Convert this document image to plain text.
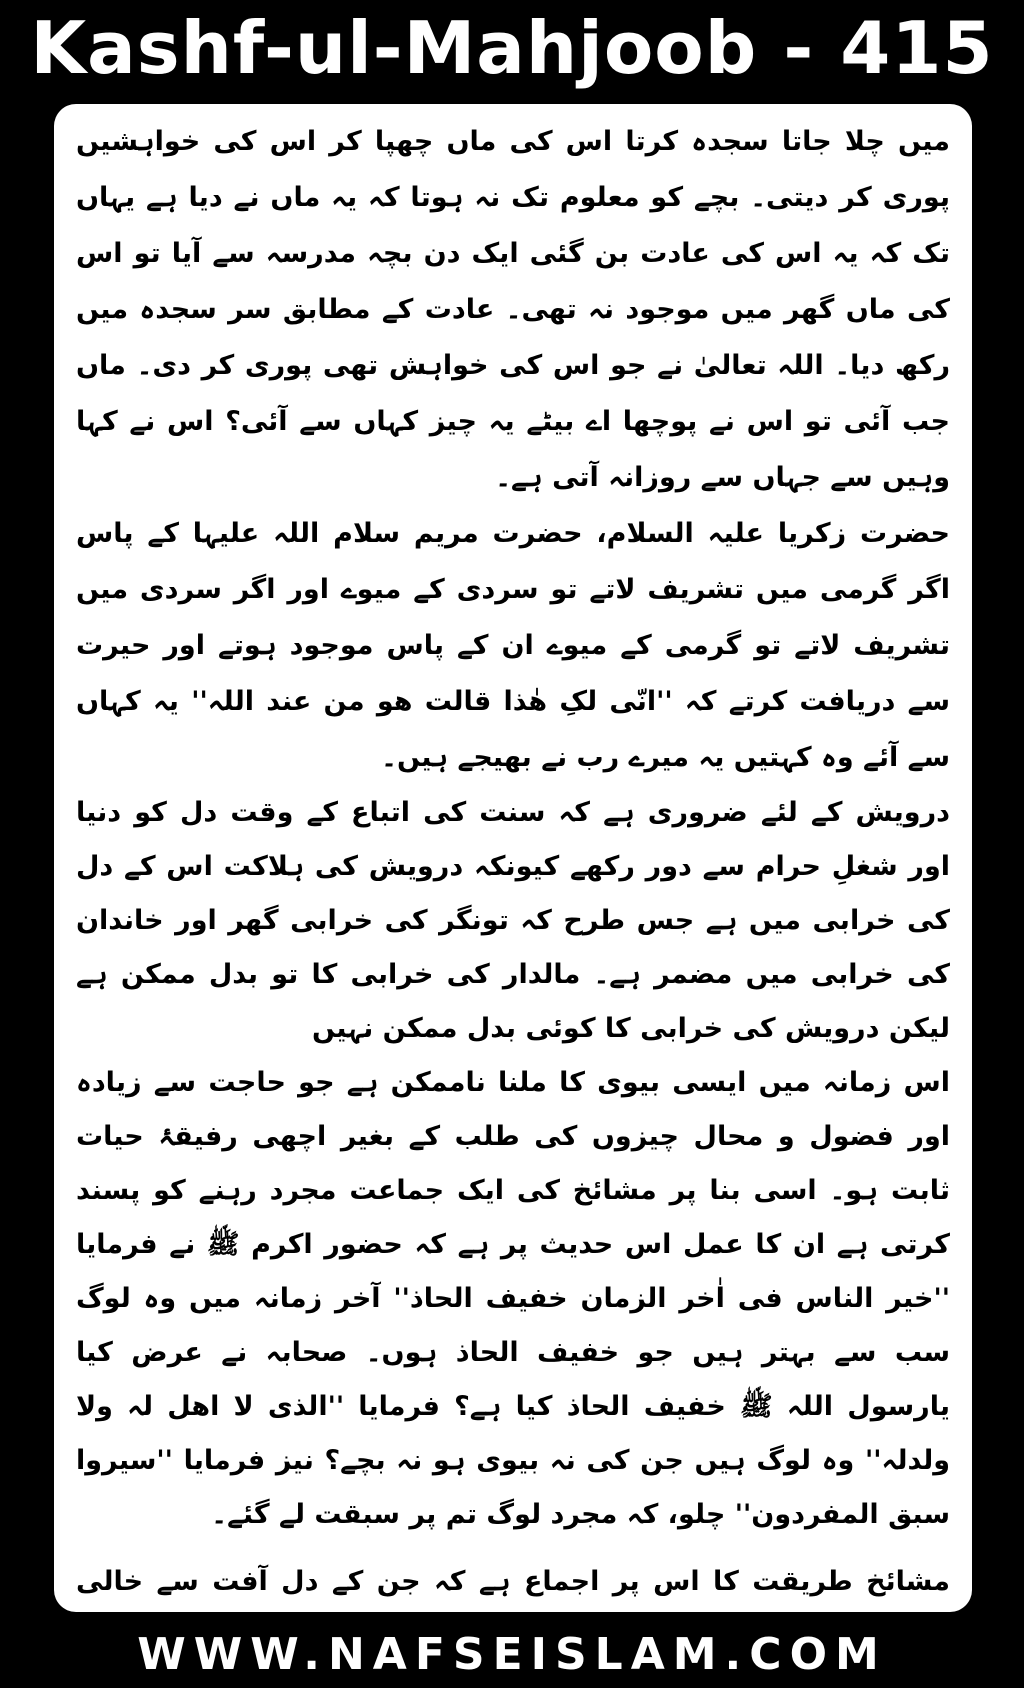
Kashf-ul-Mahjoob - 415

میں چلا جاتا سجدہ کرتا اس کی ماں چھپا کر اس کی خواہشیں پوری کر دیتی۔ بچے کو معلوم تک نہ ہوتا کہ یہ ماں نے دیا ہے یہاں تک کہ یہ اس کی عادت بن گئی ایک دن بچہ مدرسہ سے آیا تو اس کی ماں گھر میں موجود نہ تھی۔ عادت کے مطابق سر سجدہ میں رکھ دیا۔ اللہ تعالیٰ نے جو اس کی خواہش تھی پوری کر دی۔ ماں جب آئی تو اس نے پوچھا اے بیٹے یہ چیز کہاں سے آئی؟ اس نے کہا وہیں سے جہاں سے روزانہ آتی ہے۔

حضرت زکریا علیہ السلام، حضرت مریم سلام اللہ علیہا کے پاس اگر گرمی میں تشریف لاتے تو سردی کے میوے اور اگر سردی میں تشریف لاتے تو گرمی کے میوے ان کے پاس موجود ہوتے اور حیرت سے دریافت کرتے کہ ''انّی لکِ ھٰذا قالت ھو من عند اللہ'' یہ کہاں سے آئے وہ کہتیں یہ میرے رب نے بھیجے ہیں۔

درویش کے لئے ضروری ہے کہ سنت کی اتباع کے وقت دل کو دنیا اور شغلِ حرام سے دور رکھے کیونکہ درویش کی ہلاکت اس کے دل کی خرابی میں ہے جس طرح کہ تونگر کی خرابی گھر اور خاندان کی خرابی میں مضمر ہے۔ مالدار کی خرابی کا تو بدل ممکن ہے لیکن درویش کی خرابی کا کوئی بدل ممکن نہیں

اس زمانہ میں ایسی بیوی کا ملنا ناممکن ہے جو حاجت سے زیادہ اور فضول و محال چیزوں کی طلب کے بغیر اچھی رفیقۂ حیات ثابت ہو۔ اسی بنا پر مشائخ کی ایک جماعت مجرد رہنے کو پسند کرتی ہے ان کا عمل اس حدیث پر ہے کہ حضور اکرم ﷺ نے فرمایا ''خیر الناس فی اٰخر الزمان خفیف الحاذ'' آخر زمانہ میں وہ لوگ سب سے بہتر ہیں جو خفیف الحاذ ہوں۔ صحابہ نے عرض کیا یارسول اللہ ﷺ خفیف الحاذ کیا ہے؟ فرمایا ''الذی لا اھل لہ ولا ولدلہ'' وہ لوگ ہیں جن کی نہ بیوی ہو نہ بچے؟ نیز فرمایا ''سیروا سبق المفردون'' چلو، کہ مجرد لوگ تم پر سبقت لے گئے۔

مشائخ طریقت کا اس پر اجماع ہے کہ جن کے دل آفت سے خالی

WWW.NAFSEISLAM.COM
